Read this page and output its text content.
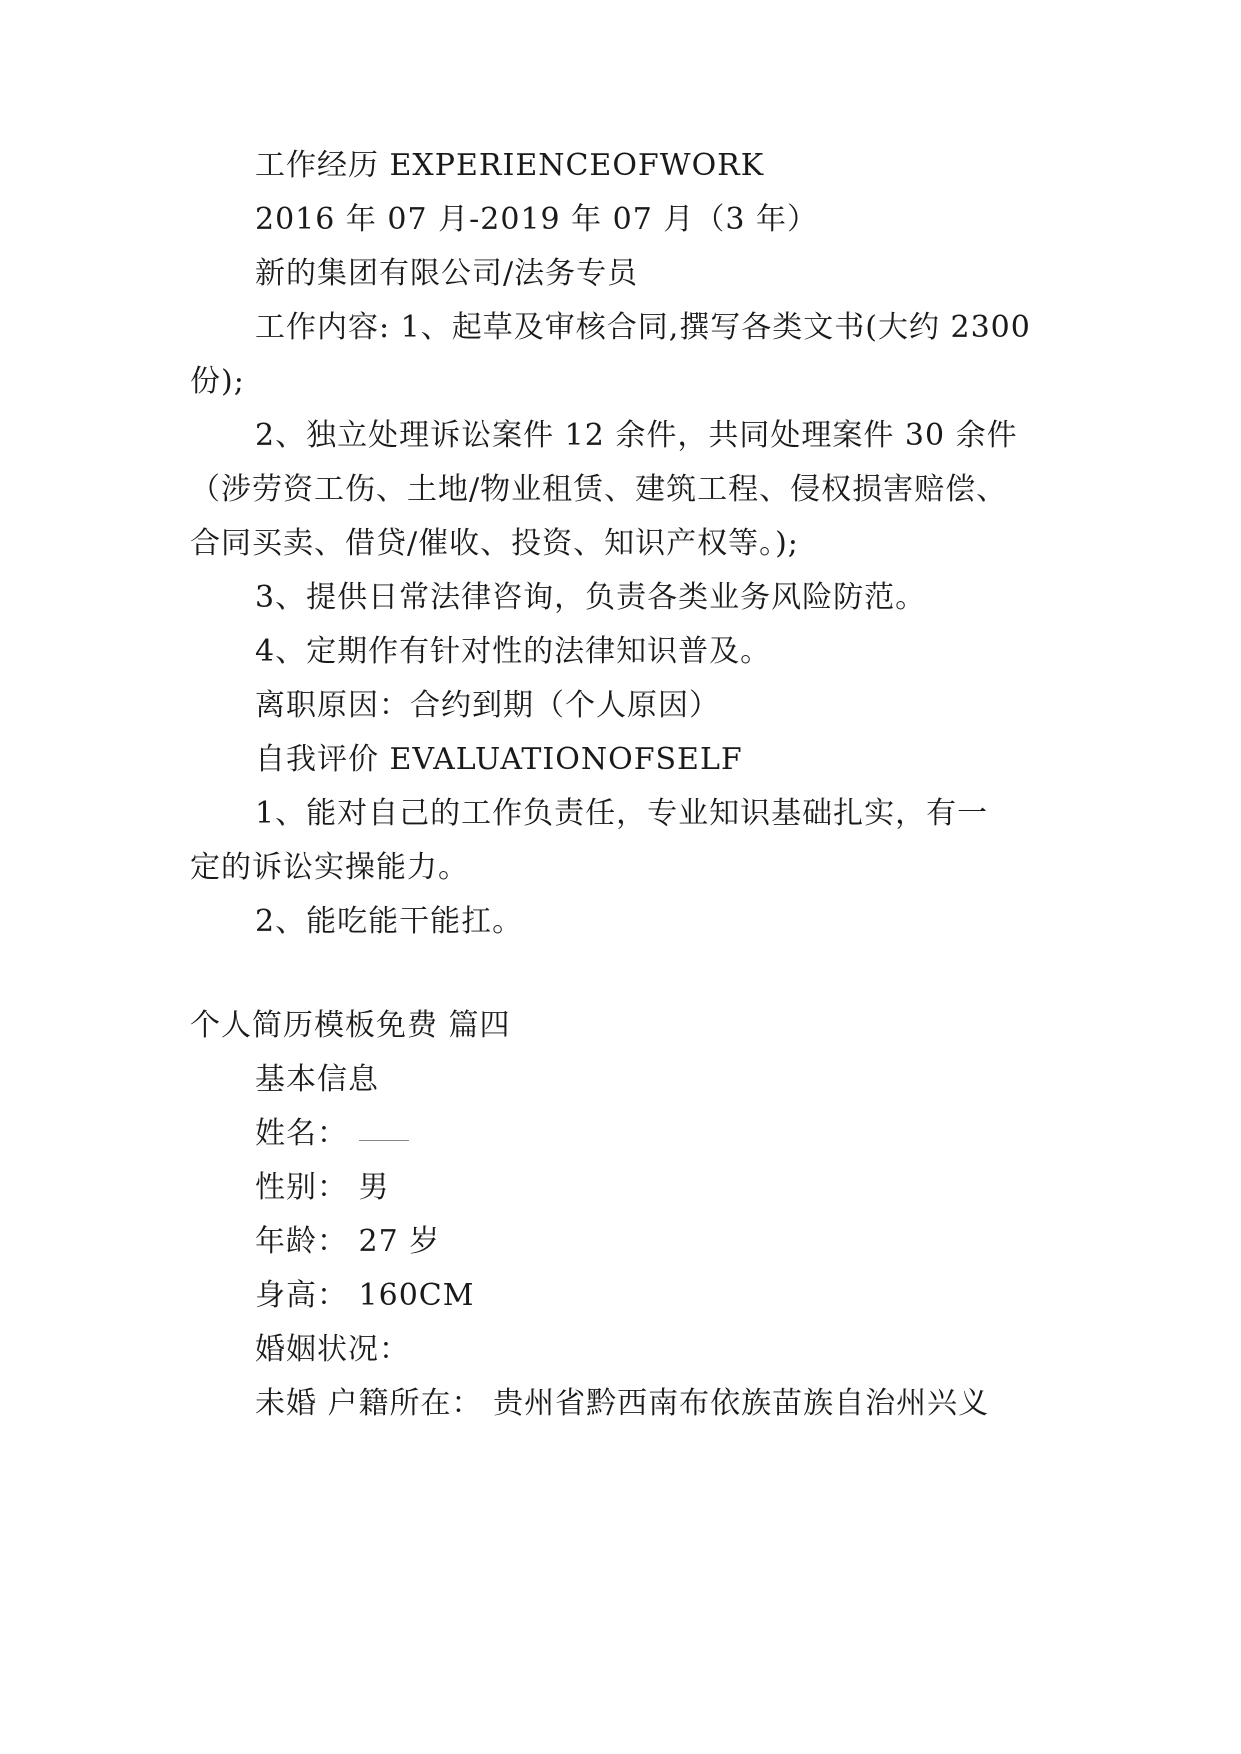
工作经历 EXPERIENCEOFWORK
2016 年 07 月-2019 年 07 月（3 年）
新的集团有限公司/法务专员
工作内容: 1、起草及审核合同,撰写各类文书(大约 2300
份);
2、独立处理诉讼案件 12 余件，共同处理案件 30 余件
（涉劳资工伤、土地/物业租赁、建筑工程、侵权损害赔偿、
合同买卖、借贷/催收、投资、知识产权等。);
3、提供日常法律咨询，负责各类业务风险防范。
4、定期作有针对性的法律知识普及。
离职原因：合约到期（个人原因）
自我评价 EVALUATIONOFSELF
1、能对自己的工作负责任，专业知识基础扎实，有一
定的诉讼实操能力。
2、能吃能干能扛。
个人简历模板免费 篇四
基本信息
姓名：
性别： 男
年龄： 27 岁
身高： 160CM
婚姻状况：
未婚 户籍所在： 贵州省黔西南布依族苗族自治州兴义
